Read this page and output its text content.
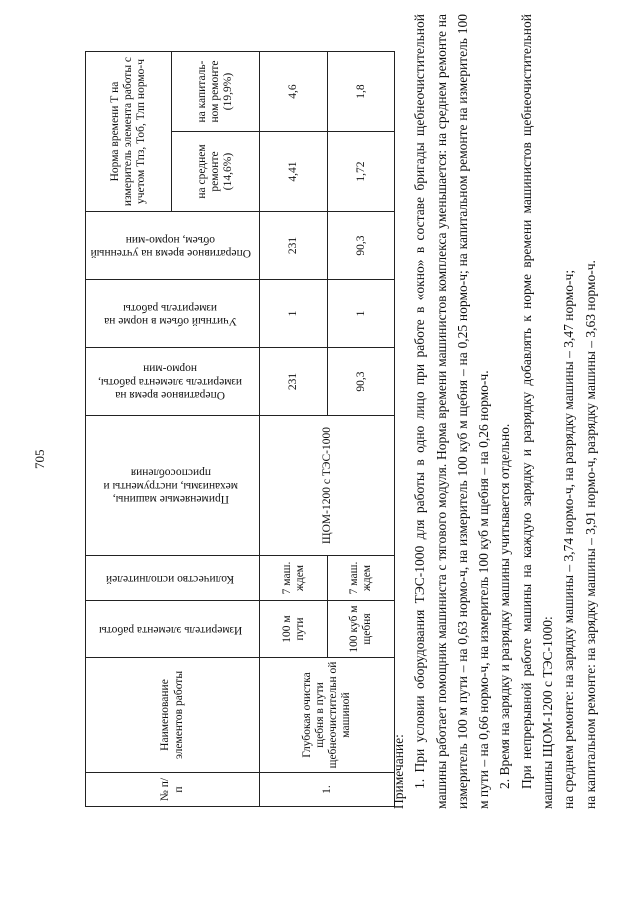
705
№ п/п	Наименование элементов работы	Измеритель элемента работы	Количество исполнителей	Применяемые машины, механизмы, инструменты и приспособления	Оперативное время на измеритель элемента работы, нормо-мин	Учитный объем в норме на измеритель работы	Оперативное время на учтенный объем, нормо-мин	Норма времени Т на измеритель элемента работы с учетом Тпз, Тоб, Тлп нормо-ч	
								на среднем ремонте (14,6%)	на капиталь-ном ремонте (19,9%)
1.	Глубокая очистка щебня в пути щебнеочистительн ой машиной	100 м пути	7 маш. ждем	ЩОМ-1200 с ТЭС-1000	231	1	231	4,41	4,6
		100 куб м щебня	7 маш. ждем		90,3	1	90,3	1,72	1,8

Примечание: 1. При условии оборудования ТЭС-1000 для работы в одно лицо при работе в «окно» в составе бригады щебнеочистительной машины работает помощник машиниста с тягового модуля. Норма времени машинистов комплекса уменьшается: на среднем ремонте на измеритель 100 м пути – на 0,63 нормо-ч, на измеритель 100 куб м щебня – на 0,25 нормо-ч; на капитальном ремонте на измеритель 100 м пути – на 0,66 нормо-ч, на измеритель 100 куб м щебня – на 0,26 нормо-ч. 2. Время на зарядку и разрядку машины учитывается отдельно. При непрерывной работе машины на каждую зарядку и разрядку добавлять к норме времени машинистов щебнеочистительной машины ЩОМ-1200 с ТЭС-1000: на среднем ремонте: на зарядку машины – 3,74 нормо-ч, на разрядку машины – 3,47 нормо-ч; на капитальном ремонте: на зарядку машины – 3,91 нормо-ч, разрядку машины – 3,63 нормо-ч.
